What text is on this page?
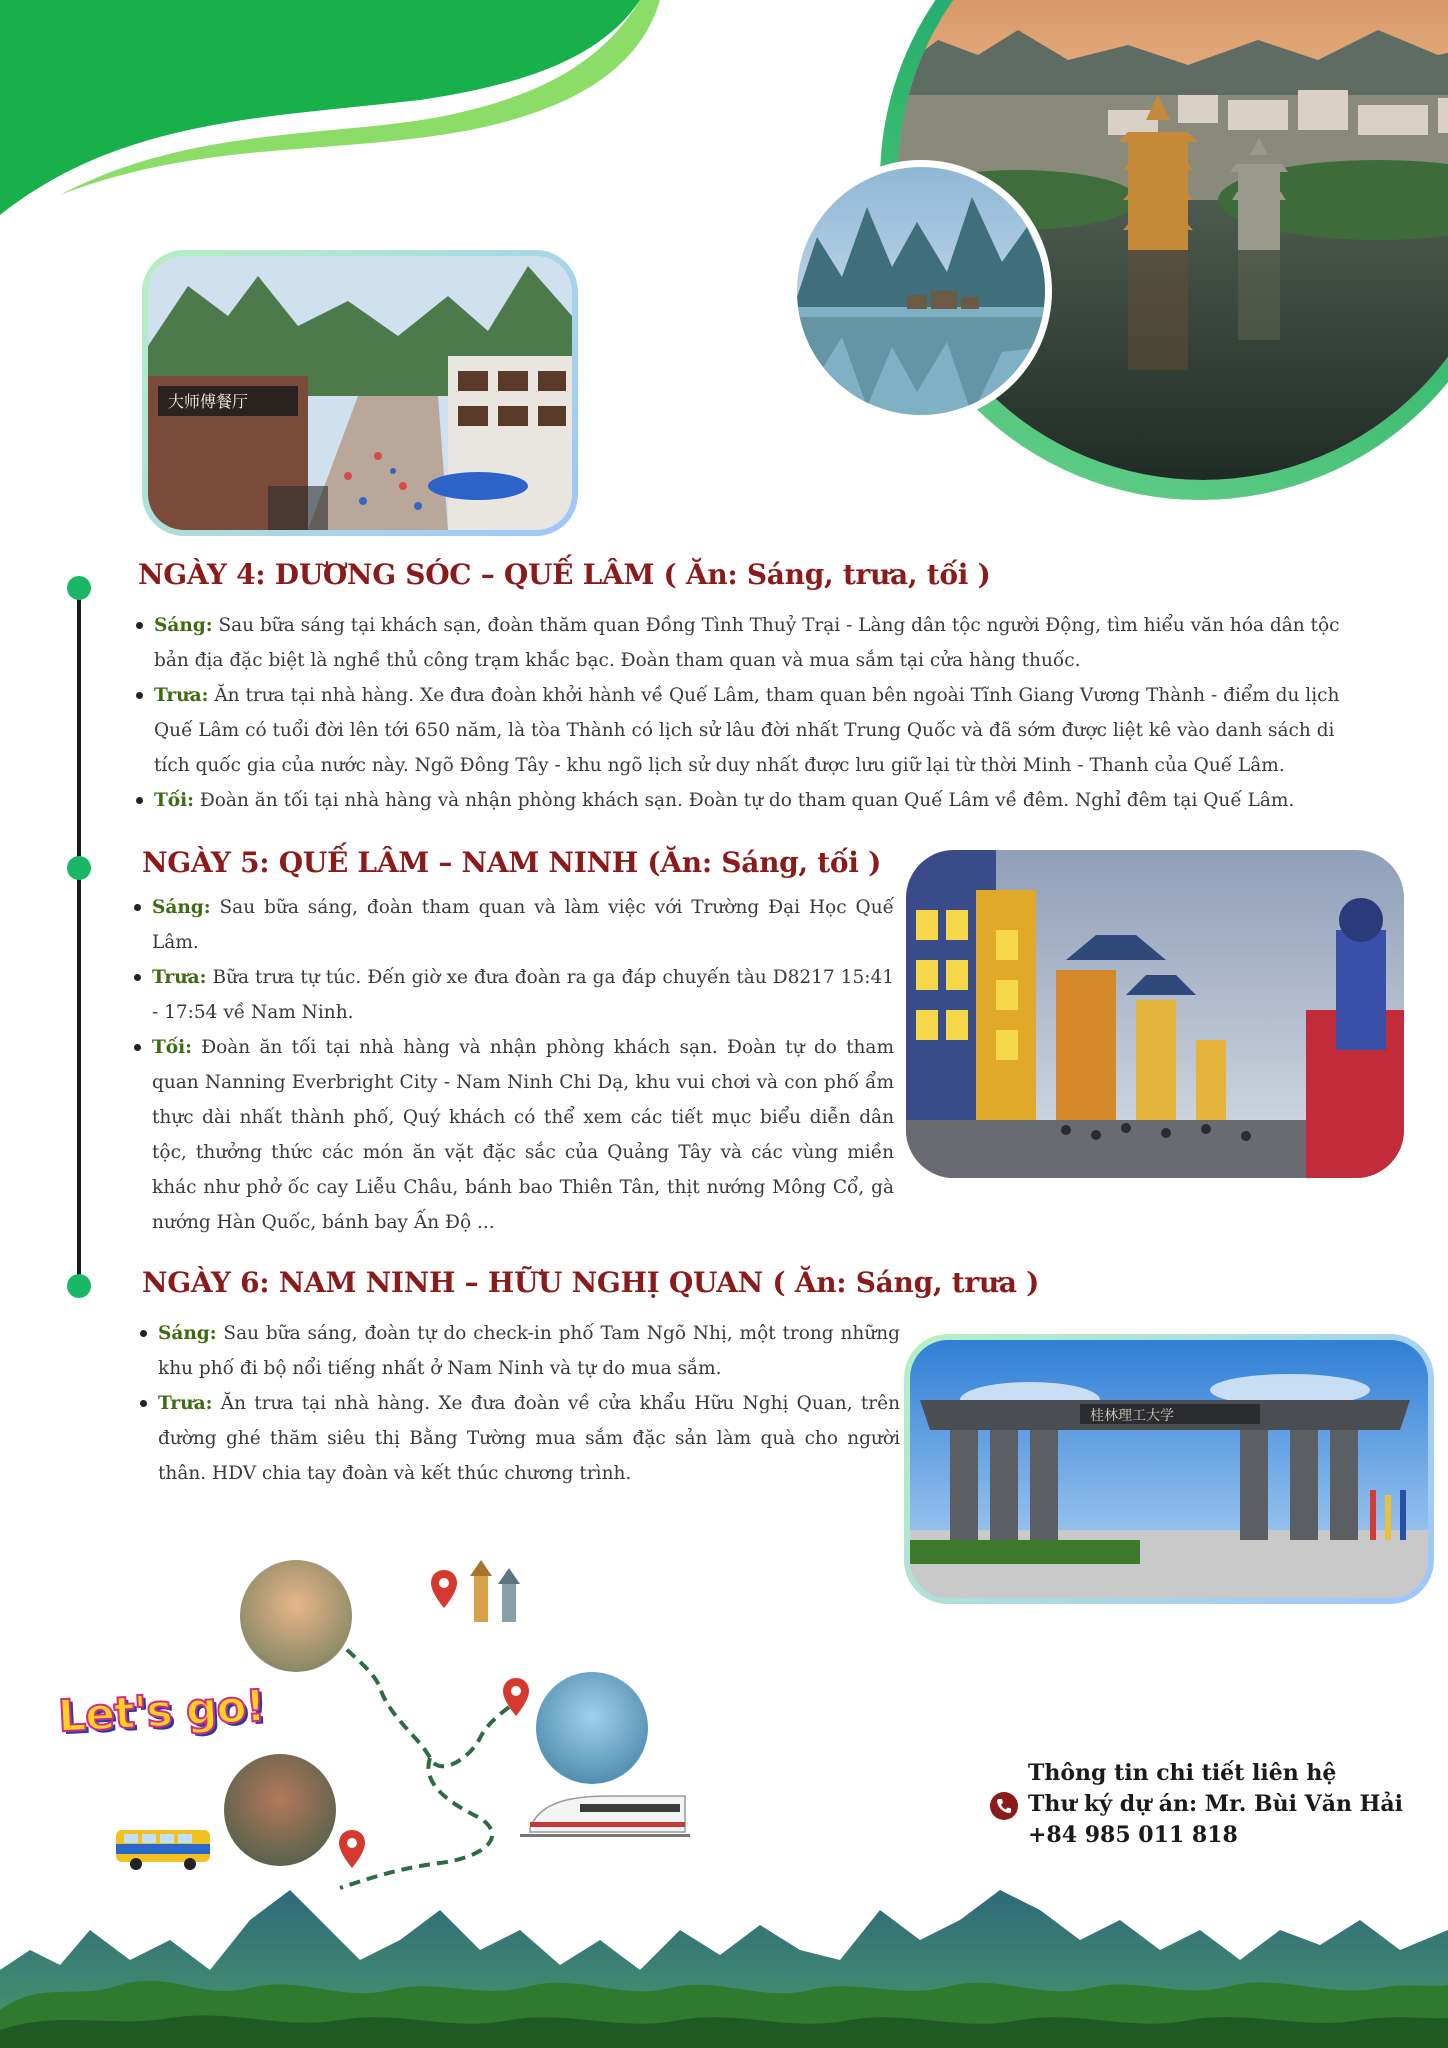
大师傅餐厅
NGÀY 4: DƯƠNG SÓC – QUẾ LÂM ( Ăn: Sáng, trưa, tối )
Sáng: Sau bữa sáng tại khách sạn, đoàn thăm quan Đồng Tình Thuỷ Trại - Làng dân tộc người Động, tìm hiểu văn hóa dân tộc bản địa đặc biệt là nghề thủ công trạm khắc bạc. Đoàn tham quan và mua sắm tại cửa hàng thuốc.
Trưa: Ăn trưa tại nhà hàng. Xe đưa đoàn khởi hành về Quế Lâm, tham quan bên ngoài Tĩnh Giang Vương Thành - điểm du lịch Quế Lâm có tuổi đời lên tới 650 năm, là tòa Thành có lịch sử lâu đời nhất Trung Quốc và đã sớm được liệt kê vào danh sách di tích quốc gia của nước này. Ngõ Đông Tây - khu ngõ lịch sử duy nhất được lưu giữ lại từ thời Minh - Thanh của Quế Lâm.
Tối: Đoàn ăn tối tại nhà hàng và nhận phòng khách sạn. Đoàn tự do tham quan Quế Lâm về đêm. Nghỉ đêm tại Quế Lâm.
NGÀY 5: QUẾ LÂM – NAM NINH (Ăn: Sáng, tối )
Sáng: Sau bữa sáng, đoàn tham quan và làm việc với Trường Đại Học Quế Lâm.
Trưa: Bữa trưa tự túc. Đến giờ xe đưa đoàn ra ga đáp chuyến tàu D8217 15:41 - 17:54 về Nam Ninh.
Tối: Đoàn ăn tối tại nhà hàng và nhận phòng khách sạn. Đoàn tự do tham quan Nanning Everbright City - Nam Ninh Chi Dạ, khu vui chơi và con phố ẩm thực dài nhất thành phố, Quý khách có thể xem các tiết mục biểu diễn dân tộc, thưởng thức các món ăn vặt đặc sắc của Quảng Tây và các vùng miền khác như phở ốc cay Liễu Châu, bánh bao Thiên Tân, thịt nướng Mông Cổ, gà nướng Hàn Quốc, bánh bay Ấn Độ ...
NGÀY 6: NAM NINH – HỮU NGHỊ QUAN ( Ăn: Sáng, trưa )
Sáng: Sau bữa sáng, đoàn tự do check-in phố Tam Ngõ Nhị, một trong những khu phố đi bộ nổi tiếng nhất ở Nam Ninh và tự do mua sắm.
Trưa: Ăn trưa tại nhà hàng. Xe đưa đoàn về cửa khẩu Hữu Nghị Quan, trên đường ghé thăm siêu thị Bằng Tường mua sắm đặc sản làm quà cho người thân. HDV chia tay đoàn và kết thúc chương trình.
桂林理工大学
Let's go!
Thông tin chi tiết liên hệ
Thư ký dự án: Mr. Bùi Văn Hải
+84 985 011 818
